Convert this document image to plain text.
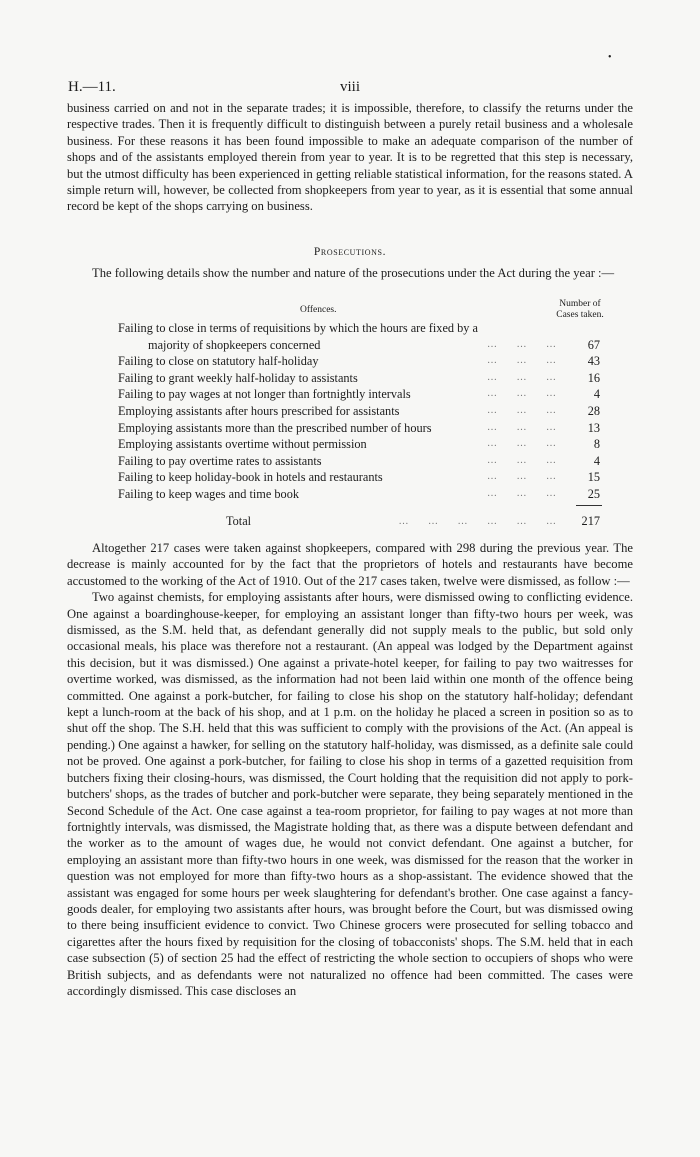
•
H.—11.	viii

business carried on and not in the separate trades; it is impossible, therefore, to classify the returns under the respective trades. Then it is frequently difficult to distinguish between a purely retail business and a wholesale business. For these reasons it has been found impossible to make an adequate comparison of the number of shops and of the assistants employed therein from year to year. It is to be regretted that this step is necessary, but the utmost difficulty has been experienced in getting reliable statistical information, for the reasons stated. A simple return will, however, be collected from shopkeepers from year to year, as it is essential that some annual record be kept of the shops carrying on business.

Prosecutions.

The following details show the number and nature of the prosecutions under the Act during the year :—

Offences.
Number of
Cases taken.
Failing to close in terms of requisitions by which the hours are fixed by a
majority of shopkeepers concerned	…   …   … 67
Failing to close on statutory half-holiday	…   …   … 43
Failing to grant weekly half-holiday to assistants	…   …   … 16
Failing to pay wages at not longer than fortnightly intervals	…   …   …	4
Employing assistants after hours prescribed for assistants	…   …   … 28
Employing assistants more than the prescribed number of hours	…   …   … 13
Employing assistants overtime without permission	…   …   …	8
Failing to pay overtime rates to assistants	…   …   …	4
Failing to keep holiday-book in hotels and restaurants	…   …   … 15
Failing to keep wages and time book	…   …   … 25
Total	…   …   …   …   …   … 217

Altogether 217 cases were taken against shopkeepers, compared with 298 during the previous year. The decrease is mainly accounted for by the fact that the proprietors of hotels and restaurants have become accustomed to the working of the Act of 1910. Out of the 217 cases taken, twelve were dismissed, as follow :—

Two against chemists, for employing assistants after hours, were dismissed owing to conflicting evidence. One against a boardinghouse-keeper, for employing an assistant longer than fifty-two hours per week, was dismissed, as the S.M. held that, as defendant generally did not supply meals to the public, but sold only occasional meals, his place was therefore not a restaurant. (An appeal was lodged by the Department against this decision, but it was dismissed.) One against a private-hotel keeper, for failing to pay two waitresses for overtime worked, was dismissed, as the information had not been laid within one month of the offence being committed. One against a pork-butcher, for failing to close his shop on the statutory half-holiday; defendant kept a lunch-room at the back of his shop, and at 1 p.m. on the holiday he placed a screen in position so as to shut off the shop. The S.H. held that this was sufficient to comply with the provisions of the Act. (An appeal is pending.) One against a hawker, for selling on the statutory half-holiday, was dismissed, as a definite sale could not be proved. One against a pork-butcher, for failing to close his shop in terms of a gazetted requisition from butchers fixing their closing-hours, was dismissed, the Court holding that the requisition did not apply to pork-butchers' shops, as the trades of butcher and pork-butcher were separate, they being separately mentioned in the Second Schedule of the Act. One case against a tea-room proprietor, for failing to pay wages at not more than fortnightly intervals, was dismissed, the Magistrate holding that, as there was a dispute between defendant and the worker as to the amount of wages due, he would not convict defendant. One against a butcher, for employing an assistant more than fifty-two hours in one week, was dismissed for the reason that the worker in question was not employed for more than fifty-two hours as a shop-assistant. The evidence showed that the assistant was engaged for some hours per week slaughtering for defendant's brother. One case against a fancy-goods dealer, for employing two assistants after hours, was brought before the Court, but was dismissed owing to there being insufficient evidence to convict. Two Chinese grocers were prosecuted for selling tobacco and cigarettes after the hours fixed by requisition for the closing of tobacconists' shops. The S.M. held that in each case subsection (5) of section 25 had the effect of restricting the whole section to occupiers of shops who were British subjects, and as defendants were not naturalized no offence had been committed. The cases were accordingly dismissed. This case discloses an
